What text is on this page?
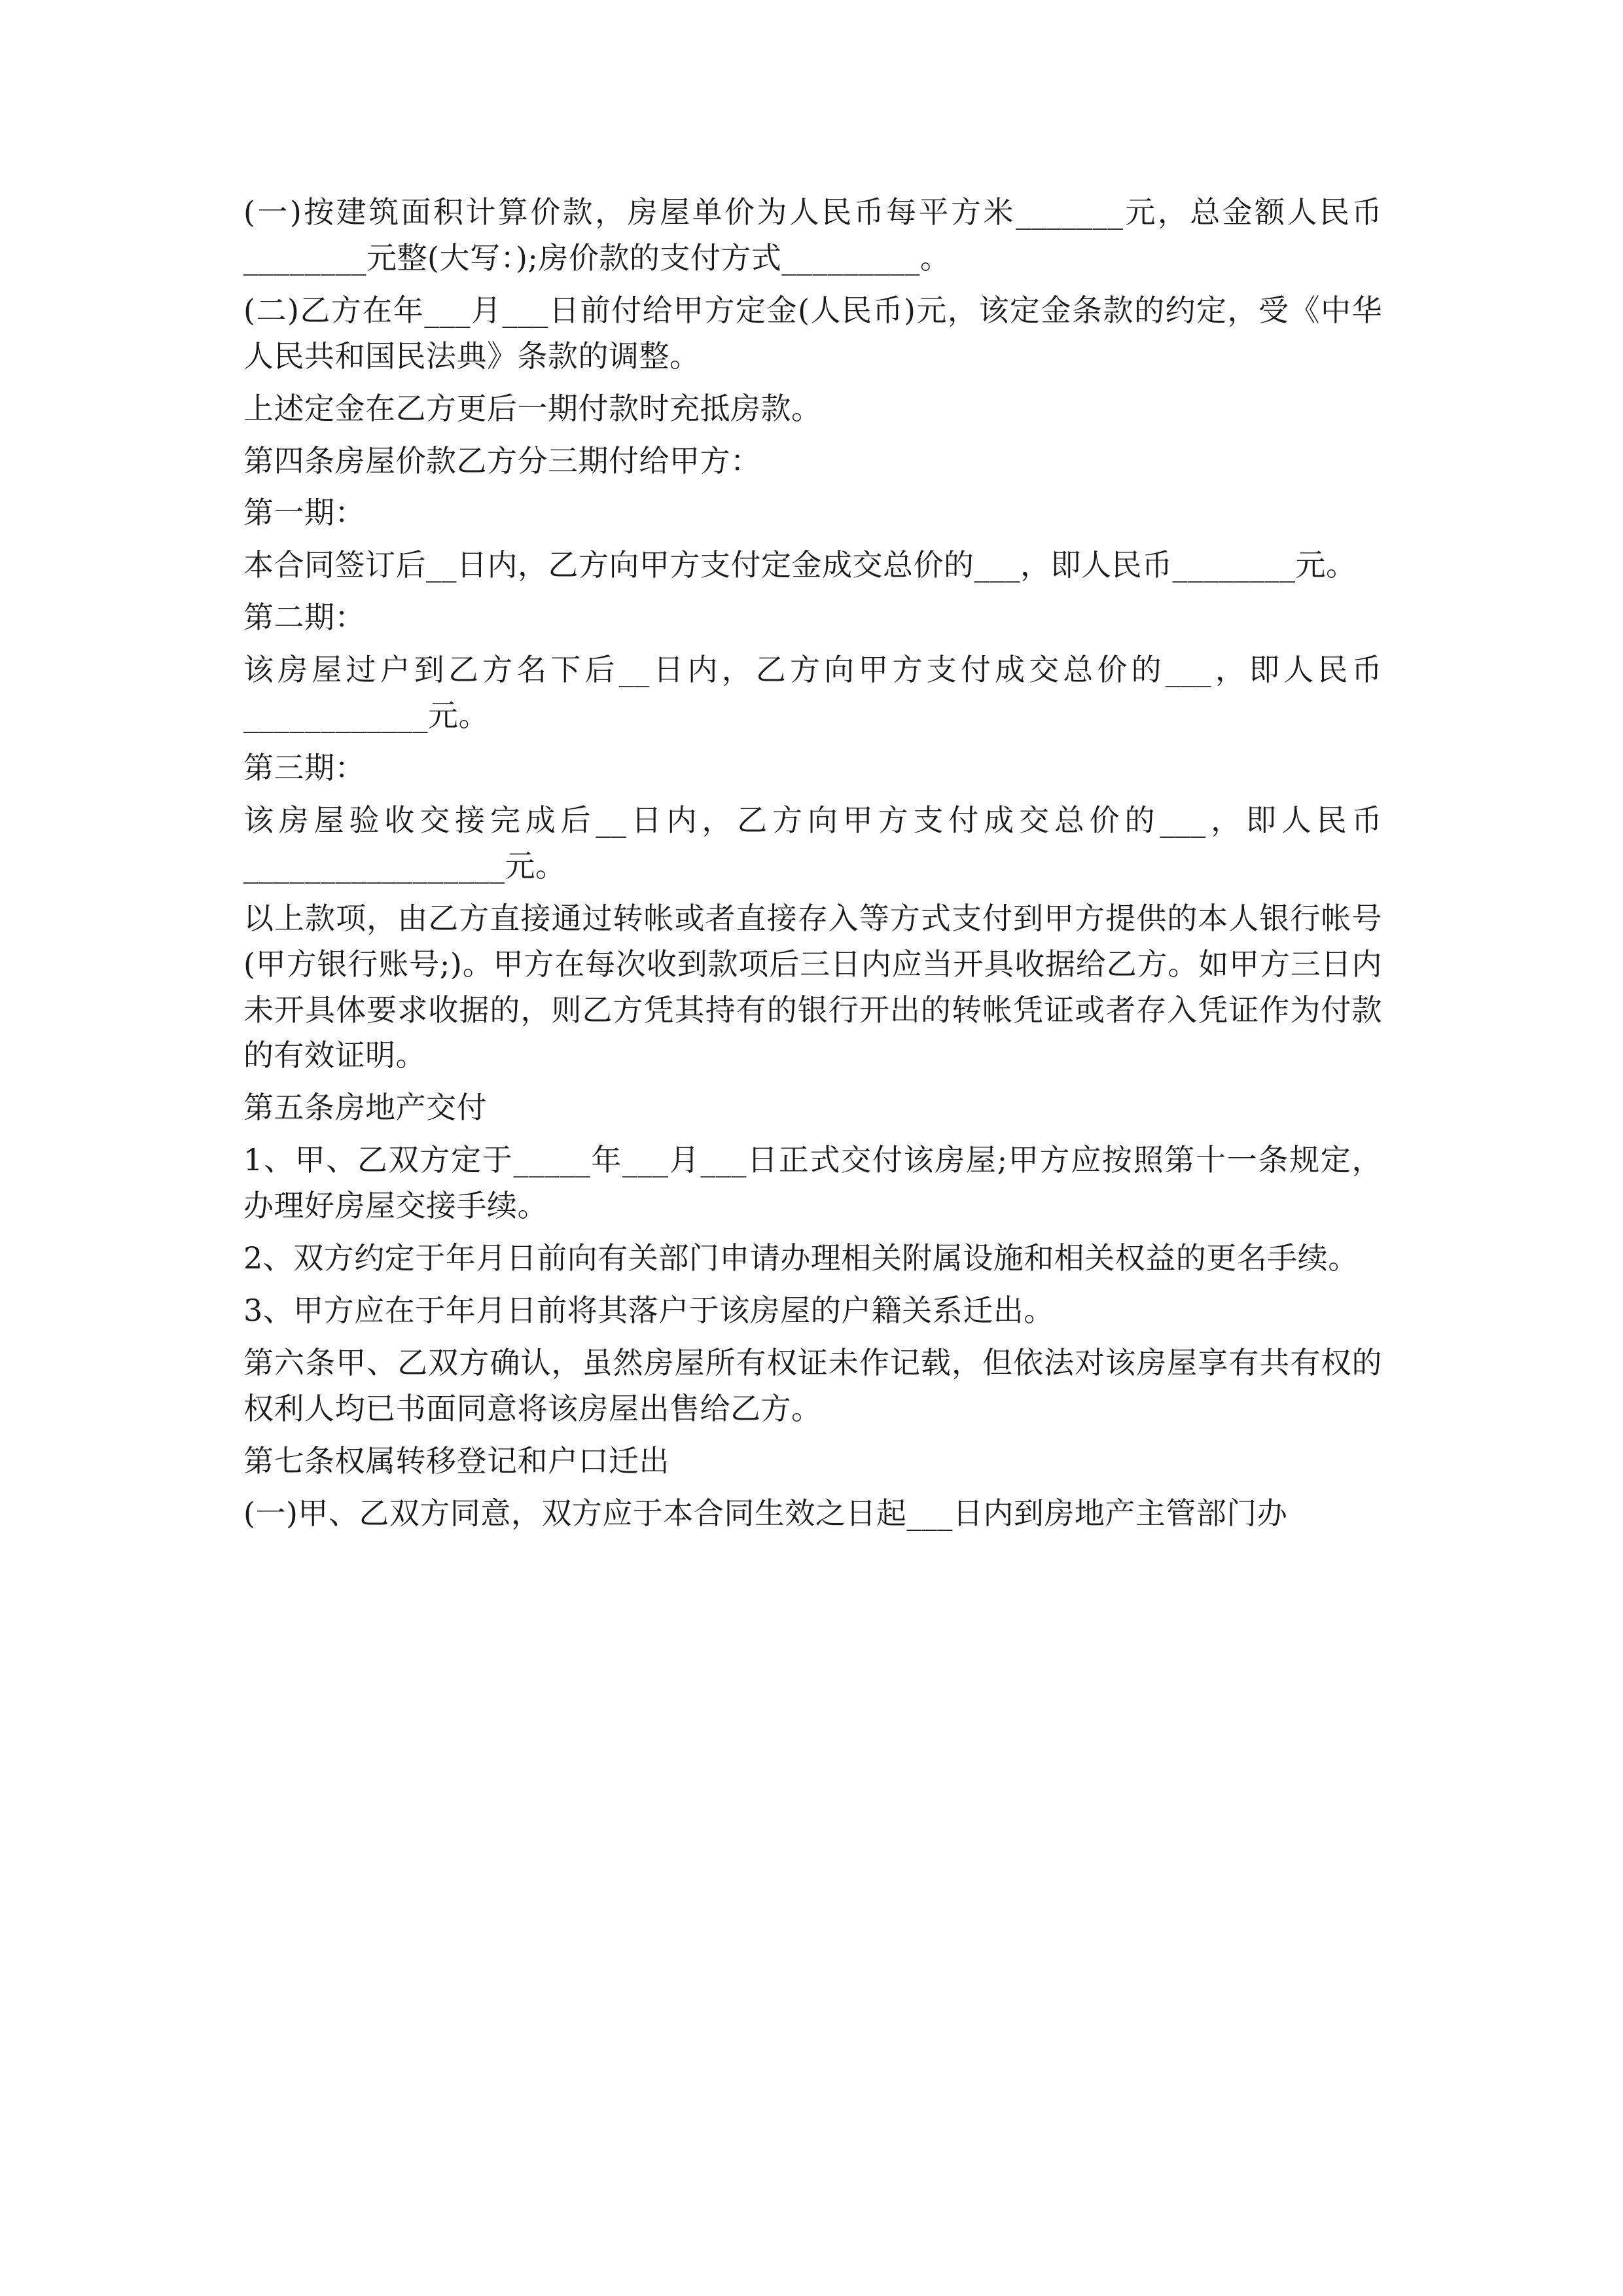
(一)按建筑面积计算价款，房屋单价为人民币每平方米_______元，总金额人民币________元整(大写：);房价款的支付方式_________。

(二)乙方在年___月___日前付给甲方定金(人民币)元，该定金条款的约定，受《中华人民共和国民法典》条款的调整。

上述定金在乙方更后一期付款时充抵房款。

第四条房屋价款乙方分三期付给甲方：

第一期：

本合同签订后__日内，乙方向甲方支付定金成交总价的___，即人民币________元。

第二期：

该房屋过户到乙方名下后__日内，乙方向甲方支付成交总价的___，即人民币____________元。

第三期：

该房屋验收交接完成后__日内，乙方向甲方支付成交总价的___，即人民币_________________元。

以上款项，由乙方直接通过转帐或者直接存入等方式支付到甲方提供的本人银行帐号(甲方银行账号;)。甲方在每次收到款项后三日内应当开具收据给乙方。如甲方三日内未开具体要求收据的，则乙方凭其持有的银行开出的转帐凭证或者存入凭证作为付款的有效证明。

第五条房地产交付

1、甲、乙双方定于_____年___月___日正式交付该房屋;甲方应按照第十一条规定，办理好房屋交接手续。

2、双方约定于年月日前向有关部门申请办理相关附属设施和相关权益的更名手续。

3、甲方应在于年月日前将其落户于该房屋的户籍关系迁出。

第六条甲、乙双方确认，虽然房屋所有权证未作记载，但依法对该房屋享有共有权的权利人均已书面同意将该房屋出售给乙方。

第七条权属转移登记和户口迁出

(一)甲、乙双方同意，双方应于本合同生效之日起___日内到房地产主管部门办
